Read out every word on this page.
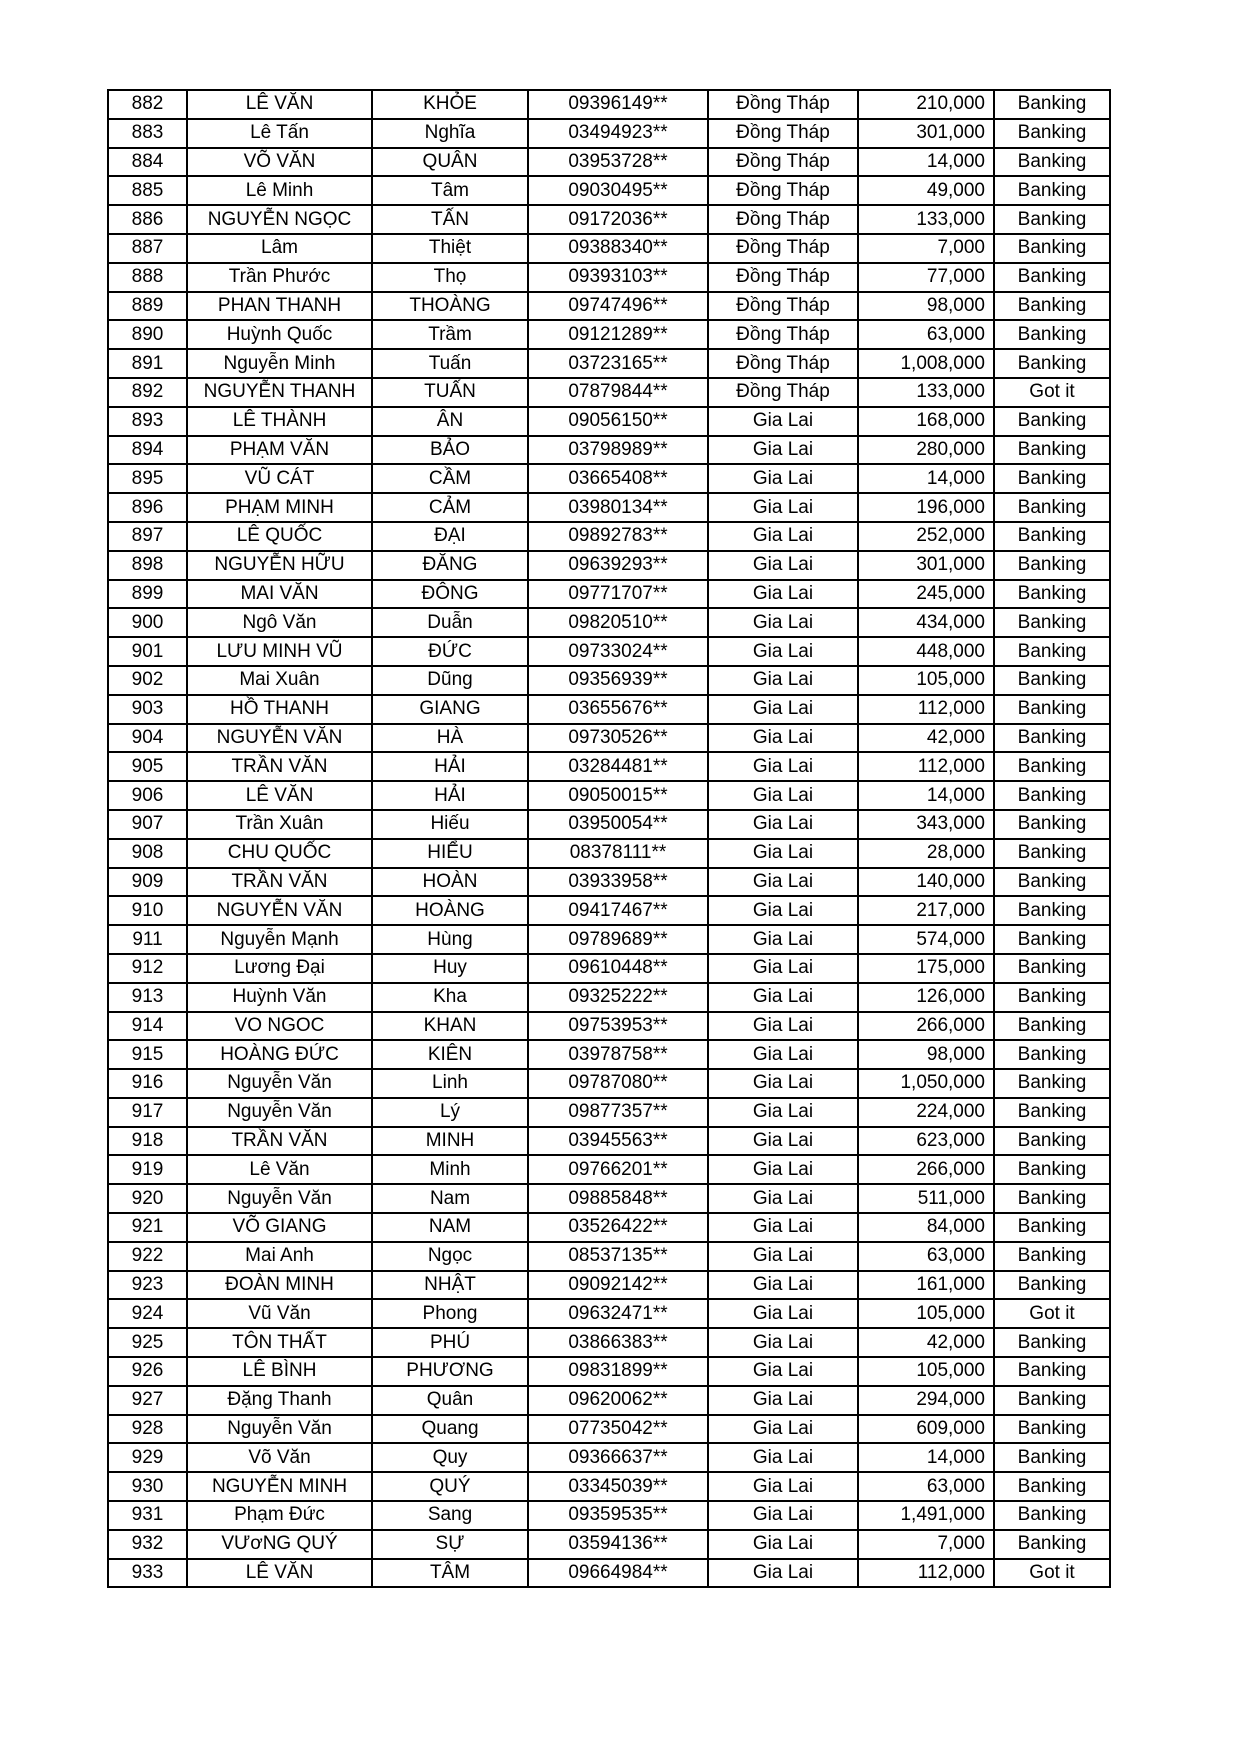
882	LÊ VĂN	KHỎE	09396149**	Đồng Tháp	210,000	Banking
883	Lê Tấn	Nghĩa	03494923**	Đồng Tháp	301,000	Banking
884	VÕ VĂN	QUÂN	03953728**	Đồng Tháp	14,000	Banking
885	Lê Minh	Tâm	09030495**	Đồng Tháp	49,000	Banking
886	NGUYỄN NGỌC	TẤN	09172036**	Đồng Tháp	133,000	Banking
887	Lâm	Thiệt	09388340**	Đồng Tháp	7,000	Banking
888	Trần Phước	Thọ	09393103**	Đồng Tháp	77,000	Banking
889	PHAN THANH	THOÀNG	09747496**	Đồng Tháp	98,000	Banking
890	Huỳnh Quốc	Trầm	09121289**	Đồng Tháp	63,000	Banking
891	Nguyễn Minh	Tuấn	03723165**	Đồng Tháp	1,008,000	Banking
892	NGUYỄN THANH	TUẤN	07879844**	Đồng Tháp	133,000	Got it
893	LÊ THÀNH	ÂN	09056150**	Gia Lai	168,000	Banking
894	PHẠM VĂN	BẢO	03798989**	Gia Lai	280,000	Banking
895	VŨ CÁT	CẦM	03665408**	Gia Lai	14,000	Banking
896	PHẠM MINH	CẢM	03980134**	Gia Lai	196,000	Banking
897	LÊ QUỐC	ĐẠI	09892783**	Gia Lai	252,000	Banking
898	NGUYỄN HỮU	ĐĂNG	09639293**	Gia Lai	301,000	Banking
899	MAI VĂN	ĐÔNG	09771707**	Gia Lai	245,000	Banking
900	Ngô Văn	Duẫn	09820510**	Gia Lai	434,000	Banking
901	LƯU MINH VŨ	ĐỨC	09733024**	Gia Lai	448,000	Banking
902	Mai Xuân	Dũng	09356939**	Gia Lai	105,000	Banking
903	HỒ THANH	GIANG	03655676**	Gia Lai	112,000	Banking
904	NGUYỄN VĂN	HÀ	09730526**	Gia Lai	42,000	Banking
905	TRẦN VĂN	HẢI	03284481**	Gia Lai	112,000	Banking
906	LÊ VĂN	HẢI	09050015**	Gia Lai	14,000	Banking
907	Trần Xuân	Hiếu	03950054**	Gia Lai	343,000	Banking
908	CHU QUỐC	HIỂU	08378111**	Gia Lai	28,000	Banking
909	TRẦN VĂN	HOÀN	03933958**	Gia Lai	140,000	Banking
910	NGUYỄN VĂN	HOÀNG	09417467**	Gia Lai	217,000	Banking
911	Nguyễn Mạnh	Hùng	09789689**	Gia Lai	574,000	Banking
912	Lương Đại	Huy	09610448**	Gia Lai	175,000	Banking
913	Huỳnh Văn	Kha	09325222**	Gia Lai	126,000	Banking
914	VO NGOC	KHAN	09753953**	Gia Lai	266,000	Banking
915	HOÀNG ĐỨC	KIÊN	03978758**	Gia Lai	98,000	Banking
916	Nguyễn Văn	Linh	09787080**	Gia Lai	1,050,000	Banking
917	Nguyễn Văn	Lý	09877357**	Gia Lai	224,000	Banking
918	TRẦN VĂN	MINH	03945563**	Gia Lai	623,000	Banking
919	Lê Văn	Minh	09766201**	Gia Lai	266,000	Banking
920	Nguyễn Văn	Nam	09885848**	Gia Lai	511,000	Banking
921	VÕ GIANG	NAM	03526422**	Gia Lai	84,000	Banking
922	Mai Anh	Ngọc	08537135**	Gia Lai	63,000	Banking
923	ĐOÀN MINH	NHẬT	09092142**	Gia Lai	161,000	Banking
924	Vũ Văn	Phong	09632471**	Gia Lai	105,000	Got it
925	TÔN THẤT	PHÚ	03866383**	Gia Lai	42,000	Banking
926	LÊ BÌNH	PHƯƠNG	09831899**	Gia Lai	105,000	Banking
927	Đặng Thanh	Quân	09620062**	Gia Lai	294,000	Banking
928	Nguyễn Văn	Quang	07735042**	Gia Lai	609,000	Banking
929	Võ Văn	Quy	09366637**	Gia Lai	14,000	Banking
930	NGUYỄN MINH	QUÝ	03345039**	Gia Lai	63,000	Banking
931	Phạm Đức	Sang	09359535**	Gia Lai	1,491,000	Banking
932	VƯơNG QUÝ	SỰ	03594136**	Gia Lai	7,000	Banking
933	LÊ VĂN	TÂM	09664984**	Gia Lai	112,000	Got it
